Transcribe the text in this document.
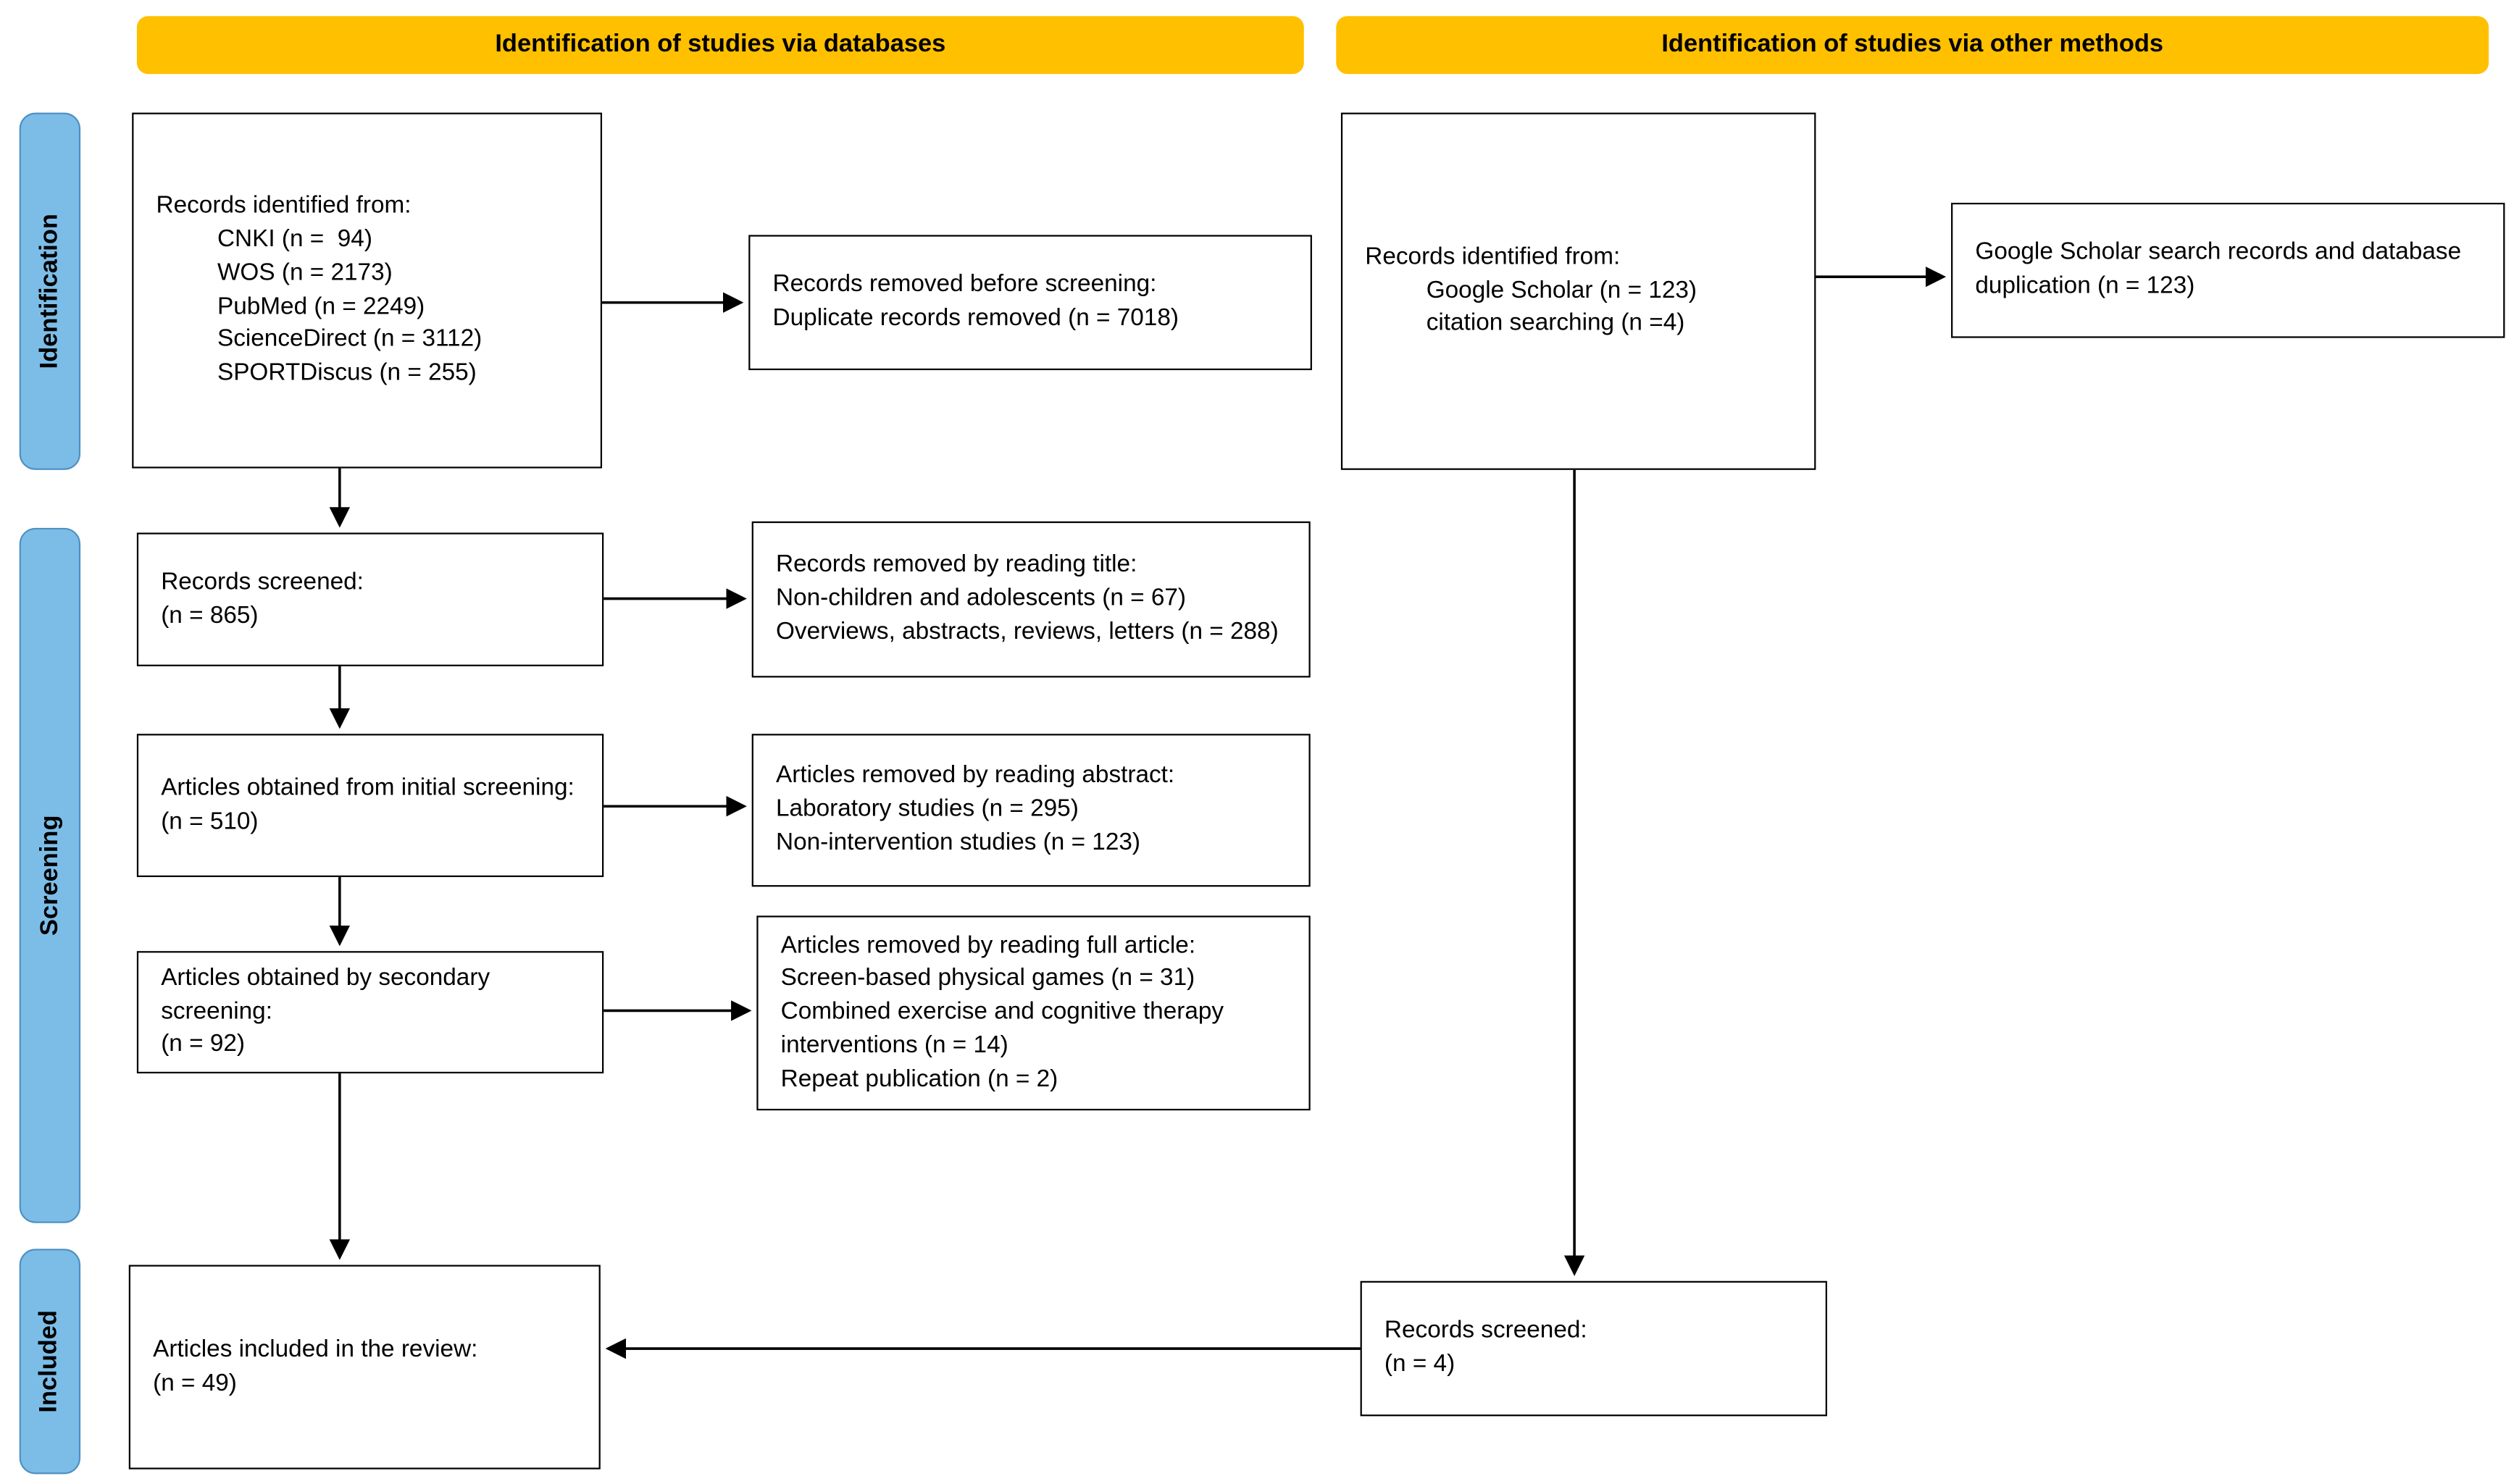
Identification of studies via databases	Identification of studies via other methods
Identification
Screening
Included
Records identified from:
CNKI (n =  94)
WOS (n = 2173)
PubMed (n = 2249)
ScienceDirect (n = 3112)
SPORTDiscus (n = 255)
Records screened:
(n = 865)
Articles obtained from initial screening:
(n = 510)
Articles obtained by secondary screening:
(n = 92)
Articles included in the review:
(n = 49)
Records removed before screening:
Duplicate records removed (n = 7018)
Records removed by reading title:
Non-children and adolescents (n = 67)
Overviews, abstracts, reviews, letters (n = 288)
Articles removed by reading abstract:
Laboratory studies (n = 295)
Non-intervention studies (n = 123)
Articles removed by reading full article:
Screen-based physical games (n = 31)
Combined exercise and cognitive therapy interventions (n = 14)
Repeat publication (n = 2)
Records identified from:
Google Scholar (n = 123)
citation searching (n =4)
Google Scholar search records and database duplication (n = 123)
Records screened:
(n = 4)
